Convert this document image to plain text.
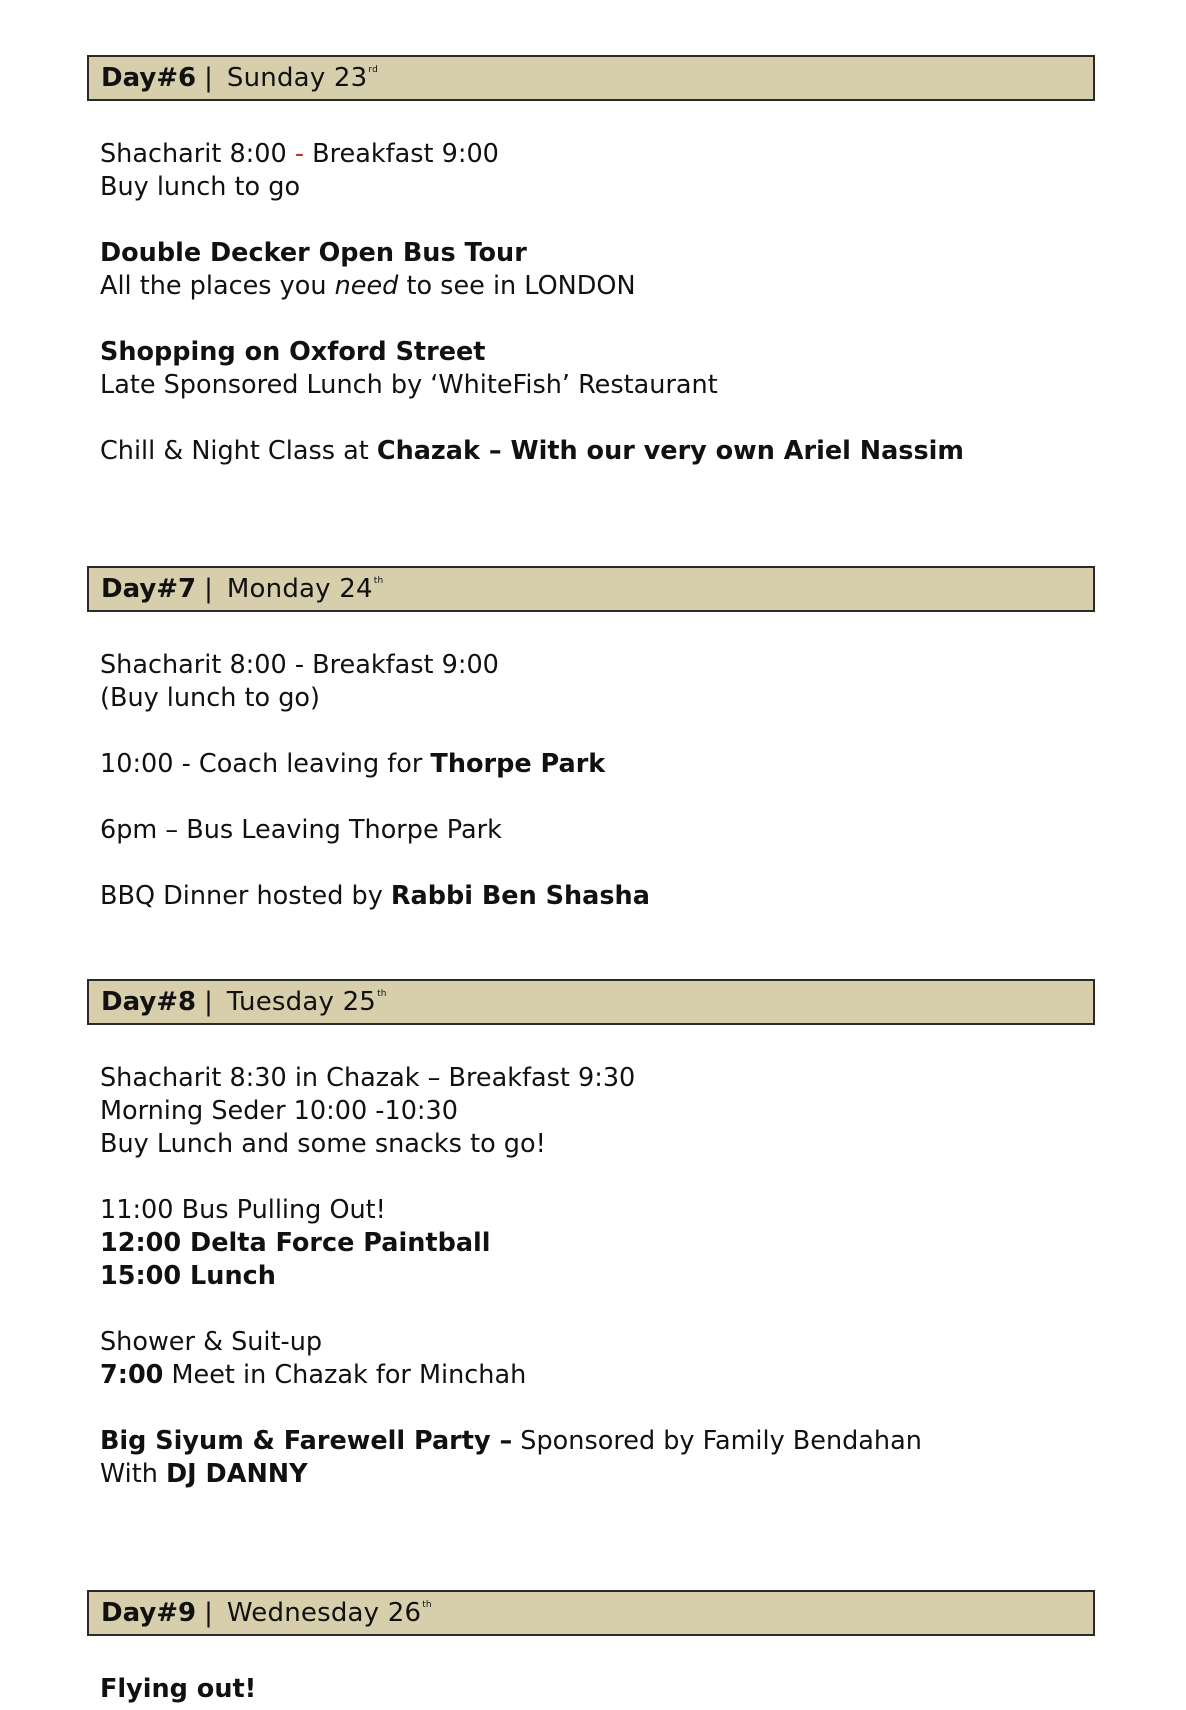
Day#6 | Sunday 23rd
Shacharit 8:00 - Breakfast 9:00
Buy lunch to go
Double Decker Open Bus Tour
All the places you need to see in LONDON
Shopping on Oxford Street
Late Sponsored Lunch by ‘WhiteFish’ Restaurant
Chill & Night Class at Chazak – With our very own Ariel Nassim
Day#7 | Monday 24th
Shacharit 8:00 - Breakfast 9:00
(Buy lunch to go)
10:00 - Coach leaving for Thorpe Park
6pm – Bus Leaving Thorpe Park
BBQ Dinner hosted by Rabbi Ben Shasha
Day#8 | Tuesday 25th
Shacharit 8:30 in Chazak – Breakfast 9:30
Morning Seder 10:00 -10:30
Buy Lunch and some snacks to go!
11:00 Bus Pulling Out!
12:00 Delta Force Paintball
15:00 Lunch
Shower & Suit-up
7:00 Meet in Chazak for Minchah
Big Siyum & Farewell Party – Sponsored by Family Bendahan
With DJ DANNY
Day#9 | Wednesday 26th
Flying out!
